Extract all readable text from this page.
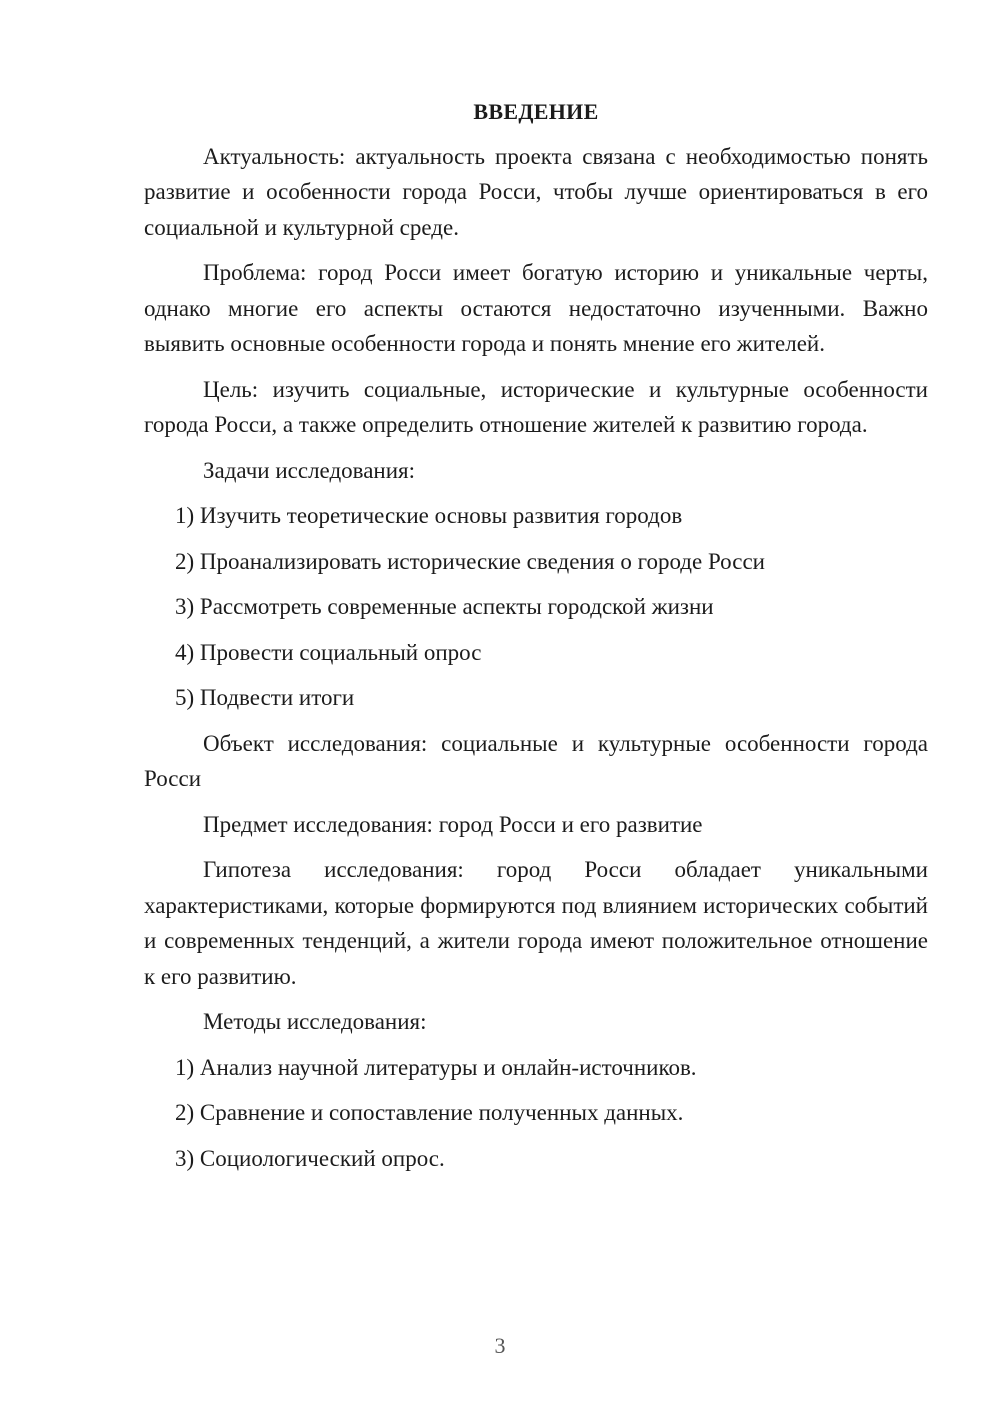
ВВЕДЕНИЕ

Актуальность: актуальность проекта связана с необходимостью понять развитие и особенности города Росси, чтобы лучше ориентироваться в его социальной и культурной среде.

Проблема: город Росси имеет богатую историю и уникальные черты, однако многие его аспекты остаются недостаточно изученными. Важно выявить основные особенности города и понять мнение его жителей.

Цель: изучить социальные, исторические и культурные особенности города Росси, а также определить отношение жителей к развитию города.

Задачи исследования:

1) Изучить теоретические основы развития городов

2) Проанализировать исторические сведения о городе Росси

3) Рассмотреть современные аспекты городской жизни

4) Провести социальный опрос

5) Подвести итоги

Объект исследования: социальные и культурные особенности города Росси

Предмет исследования: город Росси и его развитие

Гипотеза исследования: город Росси обладает уникальными характеристиками, которые формируются под влиянием исторических событий и современных тенденций, а жители города имеют положительное отношение к его развитию.

Методы исследования:

1) Анализ научной литературы и онлайн-источников.

2) Сравнение и сопоставление полученных данных.

3) Социологический опрос.

3
